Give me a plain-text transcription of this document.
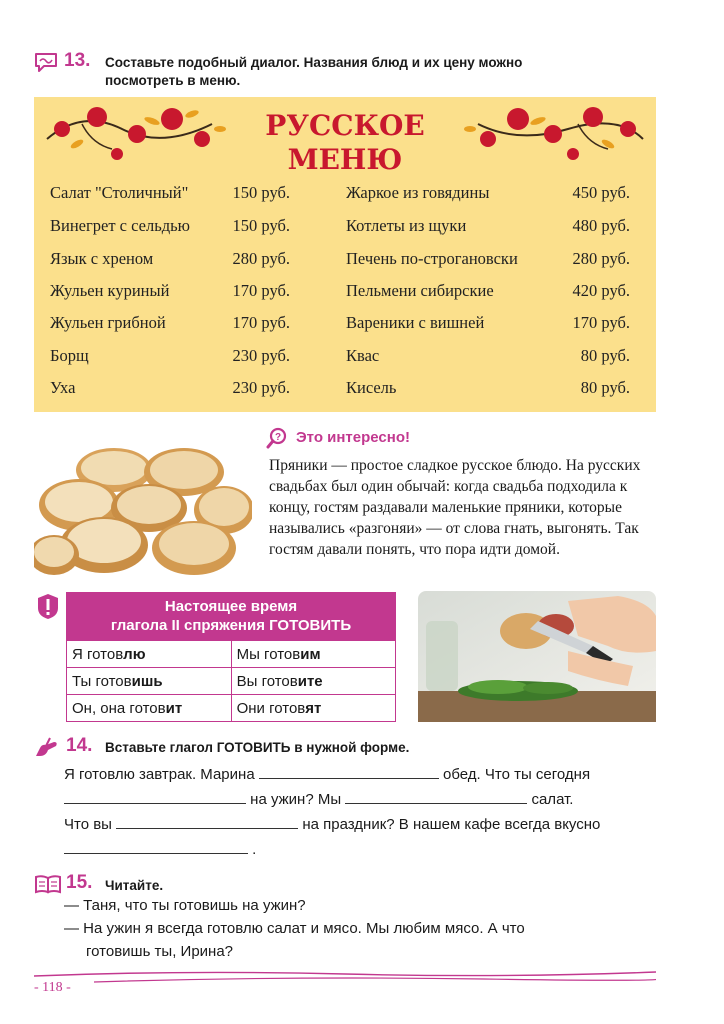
13. Составьте подобный диалог. Названия блюд и их цену можно
посмотреть в меню.
РУССКОЕ
МЕНЮ
Салат "Столичный"	150 руб.
Винегрет с сельдью	150 руб.
Язык с хреном	280 руб.
Жульен куриный	170 руб.
Жульен грибной	170 руб.
Борщ	230 руб.
Уха	230 руб.
Жаркое из говядины	450 руб.
Котлеты из щуки	480 руб.
Печень по-строгановски	280 руб.
Пельмени сибирские	420 руб.
Вареники с вишней	170 руб.
Квас	80 руб.
Кисель	80 руб.
? Это интересно!
Пряники — простое сладкое русское блюдо. На русских свадьбах был один обычай: когда свадьба подходила к концу, гостям раздавали маленькие пряники, которые назывались «разгоняи» — от слова гнать, выгонять. Так гостям давали понять, что пора идти домой.
Настоящее время
глагола II спряжения ГОТОВИТЬ
Я готовлю	Мы готовим
Ты готовишь	Вы готовите
Он, она готовит	Они готовят
14. Вставьте глагол ГОТОВИТЬ в нужной форме.
Я готовлю завтрак. Марина	обед. Что ты сегодня
на ужин? Мы	салат.
Что вы	на праздник? В нашем кафе всегда вкусно
.
15. Читайте.
— Таня, что ты готовишь на ужин?
— На ужин я всегда готовлю салат и мясо. Мы любим мясо. А что
готовишь ты, Ирина?
- 118 -
